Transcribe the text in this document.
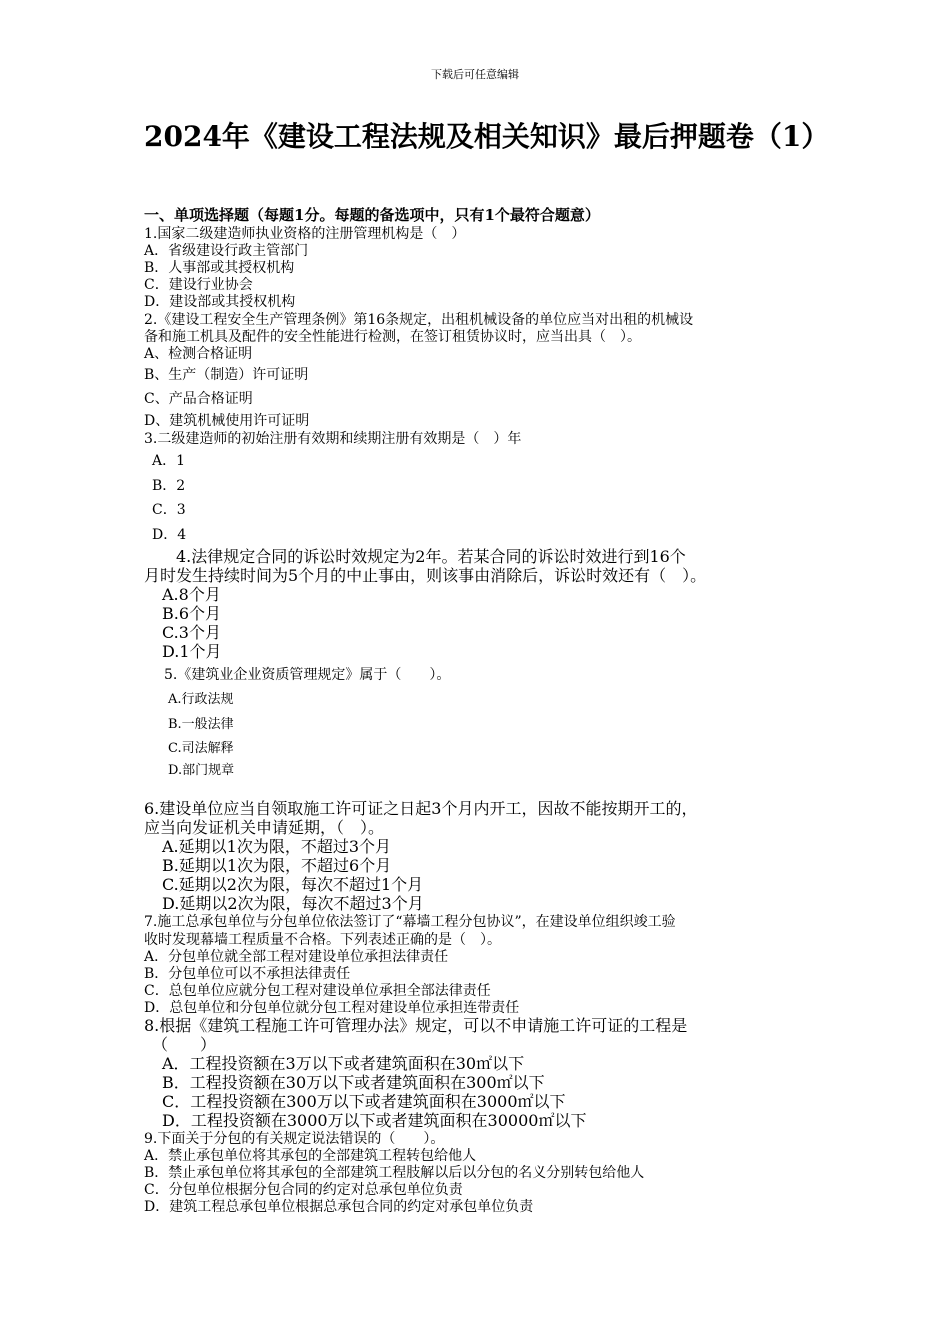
下载后可任意编辑
2024年《建设工程法规及相关知识》最后押题卷（1）
一、单项选择题（每题1分。每题的备选项中，只有1个最符合题意）
1.国家二级建造师执业资格的注册管理机构是（　）
A．省级建设行政主管部门
B．人事部或其授权机构
C．建设行业协会
D．建设部或其授权机构
2.《建设工程安全生产管理条例》第16条规定，出租机械设备的单位应当对出租的机械设
备和施工机具及配件的安全性能进行检测，在签订租赁协议时，应当出具（　）。
A、检测合格证明
B、生产（制造）许可证明
C、产品合格证明
D、建筑机械使用许可证明
3.二级建造师的初始注册有效期和续期注册有效期是（　）年
A．1
B．2
C．3
D．4
4.法律规定合同的诉讼时效规定为2年。若某合同的诉讼时效进行到16个
月时发生持续时间为5个月的中止事由，则该事由消除后，诉讼时效还有（　）。
A.8个月
B.6个月
C.3个月
D.1个月
5.《建筑业企业资质管理规定》属于（　　）。
A.行政法规
B.一般法律
C.司法解释
D.部门规章
6.建设单位应当自领取施工许可证之日起3个月内开工，因故不能按期开工的，
应当向发证机关申请延期，（　）。
A.延期以1次为限，不超过3个月
B.延期以1次为限，不超过6个月
C.延期以2次为限，每次不超过1个月
D.延期以2次为限，每次不超过3个月
7.施工总承包单位与分包单位依法签订了“幕墙工程分包协议”，在建设单位组织竣工验
收时发现幕墙工程质量不合格。下列表述正确的是（　）。
A．分包单位就全部工程对建设单位承担法律责任
B．分包单位可以不承担法律责任
C．总包单位应就分包工程对建设单位承担全部法律责任
D．总包单位和分包单位就分包工程对建设单位承担连带责任
8.根据《建筑工程施工许可管理办法》规定，可以不申请施工许可证的工程是
（　　）
A．工程投资额在3万以下或者建筑面积在30㎡以下
B．工程投资额在30万以下或者建筑面积在300㎡以下
C．工程投资额在300万以下或者建筑面积在3000㎡以下
D．工程投资额在3000万以下或者建筑面积在30000㎡以下
9.下面关于分包的有关规定说法错误的（　　）。
A．禁止承包单位将其承包的全部建筑工程转包给他人
B．禁止承包单位将其承包的全部建筑工程肢解以后以分包的名义分别转包给他人
C．分包单位根据分包合同的约定对总承包单位负责
D．建筑工程总承包单位根据总承包合同的约定对承包单位负责
